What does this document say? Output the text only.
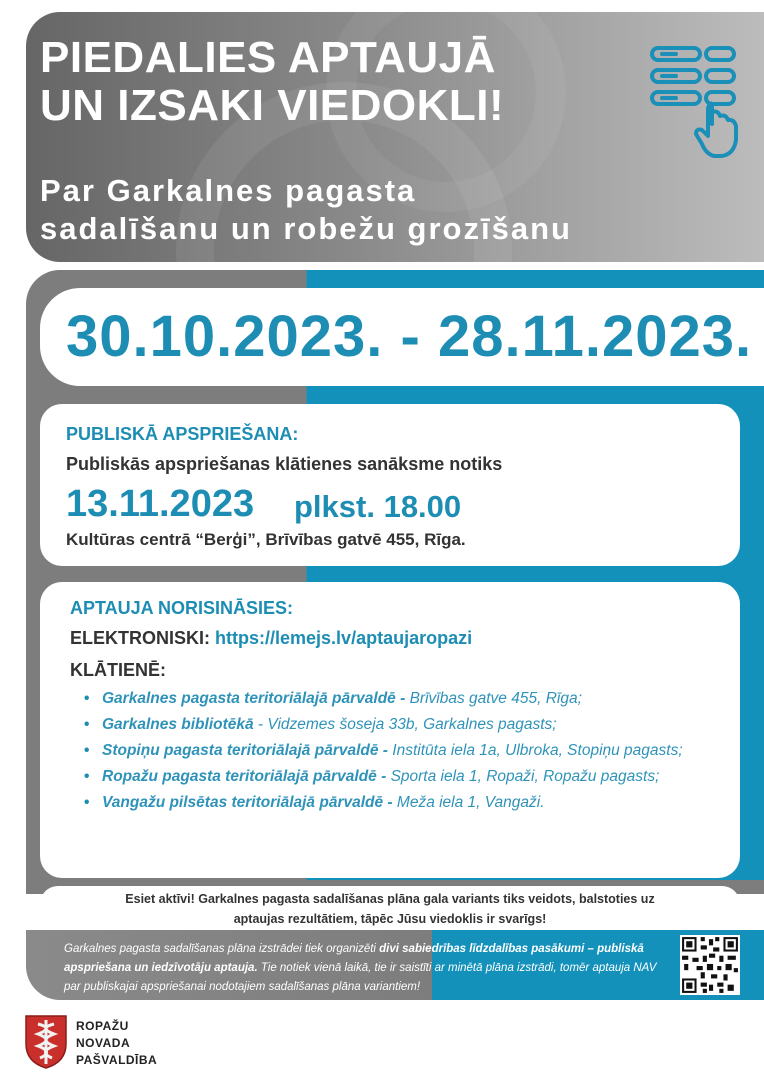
PIEDALIES APTAUJĀ
UN IZSAKI VIEDOKLI!
Par Garkalnes pagasta
sadalīšanu un robežu grozīšanu
30.10.2023. - 28.11.2023.
PUBLISKĀ APSPRIEŠANA:
Publiskās apspriešanas klātienes sanāksme notiks
13.11.2023 plkst. 18.00
Kultūras centrā “Berģi”, Brīvības gatvē 455, Rīga.
APTAUJA NORISINĀSIES:
ELEKTRONISKI: https://lemejs.lv/aptaujaropazi
KLĀTIENĒ:
• Garkalnes pagasta teritoriālajā pārvaldē - Brīvības gatve 455, Rīga;
• Garkalnes bibliotēkā - Vidzemes šoseja 33b, Garkalnes pagasts;
• Stopiņu pagasta teritoriālajā pārvaldē - Institūta iela 1a, Ulbroka, Stopiņu pagasts;
• Ropažu pagasta teritoriālajā pārvaldē - Sporta iela 1, Ropaži, Ropažu pagasts;
• Vangažu pilsētas teritoriālajā pārvaldē - Meža iela 1, Vangaži.
Esiet aktīvi! Garkalnes pagasta sadalīšanas plāna gala variants tiks veidots, balstoties uz
aptaujas rezultātiem, tāpēc Jūsu viedoklis ir svarīgs!
Garkalnes pagasta sadalīšanas plāna izstrādei tiek organizēti divi sabiedrības līdzdalības pasākumi – publiskā apspriešana un iedzīvotāju aptauja. Tie notiek vienā laikā, tie ir saistīti ar minētā plāna izstrādi, tomēr aptauja NAV par publiskajai apspriešanai nodotajiem sadalīšanas plāna variantiem!
ROPAŽU
NOVADA
PAŠVALDĪBA
